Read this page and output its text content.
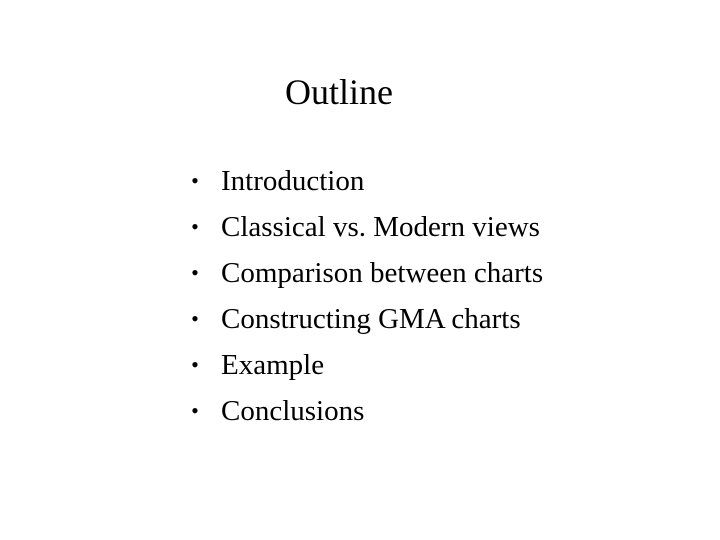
Outline
• Introduction
• Classical vs. Modern views
• Comparison between charts
• Constructing GMA charts
• Example
• Conclusions
